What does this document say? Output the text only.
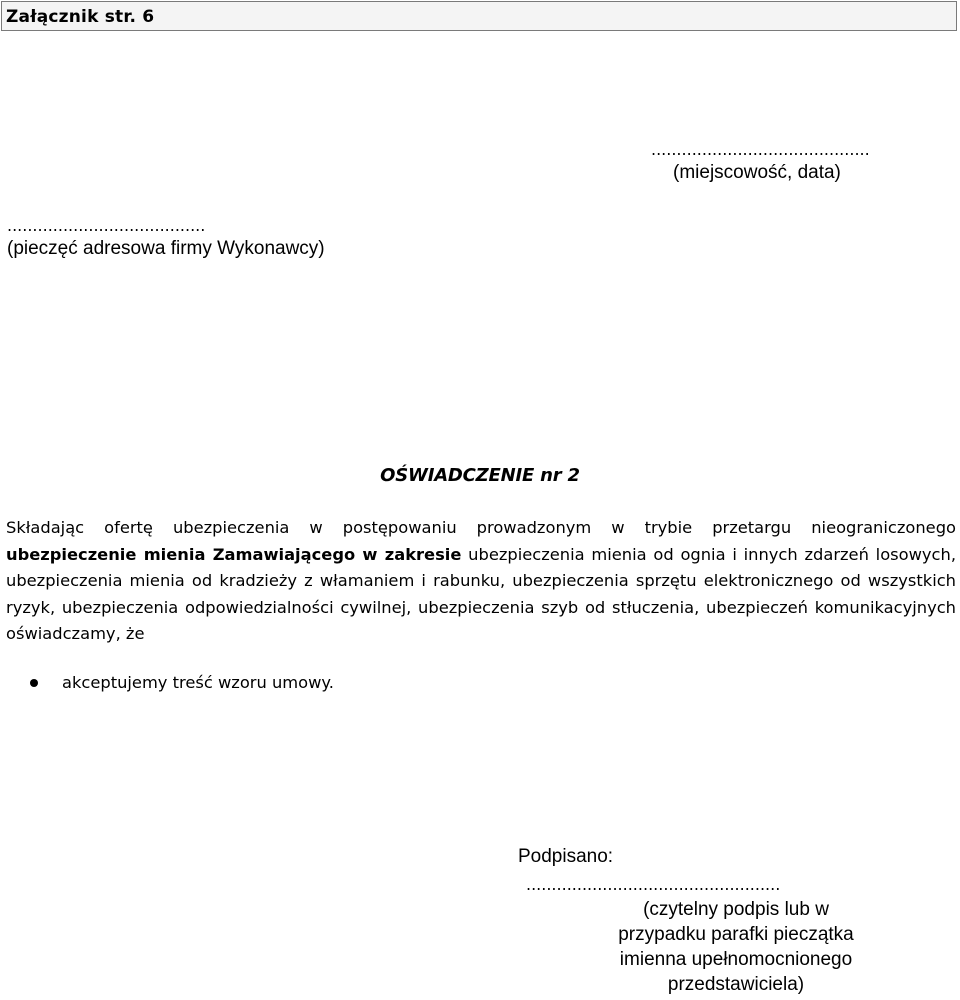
Załącznik str. 6
...........................................
(miejscowość, data)
.......................................
(pieczęć adresowa firmy Wykonawcy)
OŚWIADCZENIE nr 2
Składając ofertę ubezpieczenia w postępowaniu prowadzonym w trybie przetargu nieograniczonego ubezpieczenie mienia Zamawiającego w zakresie ubezpieczenia mienia od ognia i innych zdarzeń losowych, ubezpieczenia mienia od kradzieży z włamaniem i rabunku, ubezpieczenia sprzętu elektronicznego od wszystkich ryzyk, ubezpieczenia odpowiedzialności cywilnej, ubezpieczenia szyb od stłuczenia, ubezpieczeń komunikacyjnych oświadczamy, że
akceptujemy treść wzoru umowy.
Podpisano:
..................................................
(czytelny podpis lub w
przypadku parafki pieczątka
imienna upełnomocnionego
przedstawiciela)
